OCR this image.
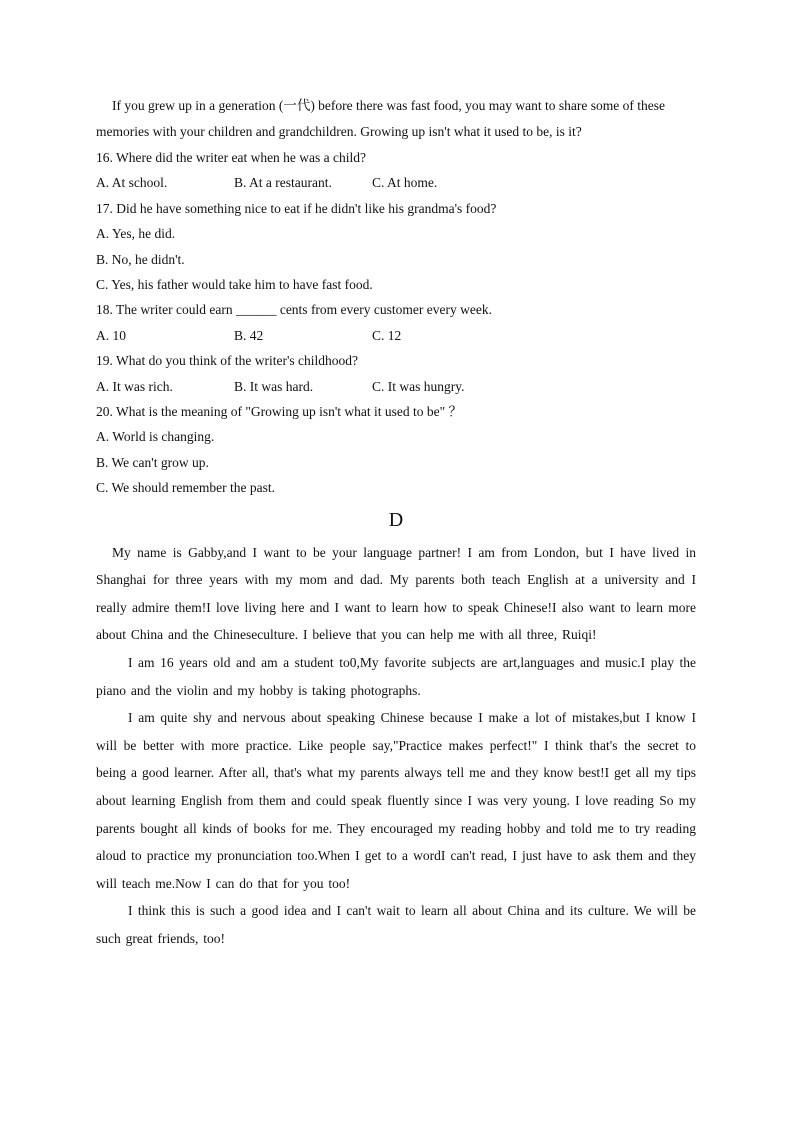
If you grew up in a generation (一代) before there was fast food, you may want to share some of these memories with your children and grandchildren. Growing up isn't what it used to be, is it?

16. Where did the writer eat when he was a child?

A. At school.	B. At a restaurant.	C. At home.

17. Did he have something nice to eat if he didn't like his grandma's food?

A. Yes, he did.

B. No, he didn't.

C. Yes, his father would take him to have fast food.

18. The writer could earn ______ cents from every customer every week.

A. 10	B. 42	C. 12

19. What do you think of the writer's childhood?

A. It was rich.	B. It was hard.	C. It was hungry.

20. What is the meaning of "Growing up isn't what it used to be" ？

A. World is changing.

B. We can't grow up.

C. We should remember the past.

D

My name is Gabby,and I want to be your language partner! I am from London, but I have lived in Shanghai for three years with my mom and dad. My parents both teach English at a university and I really admire them!I love living here and I want to learn how to speak Chinese!I also want to learn more about China and the Chineseculture. I believe that you can help me with all three, Ruiqi!

I am 16 years old and am a student to0,My favorite subjects are art,languages and music.I play the piano and the violin and my hobby is taking photographs.

I am quite shy and nervous about speaking Chinese because I make a lot of mistakes,but I know I will be better with more practice. Like people say,"Practice makes perfect!" I think that's the secret to being a good learner. After all, that's what my parents always tell me and they know best!I get all my tips about learning English from them and could speak fluently since I was very young. I love reading So my parents bought all kinds of books for me. They encouraged my reading hobby and told me to try reading aloud to practice my pronunciation too.When I get to a wordI can't read, I just have to ask them and they will teach me.Now I can do that for you too!

I think this is such a good idea and I can't wait to learn all about China and its culture. We will be such great friends, too!
